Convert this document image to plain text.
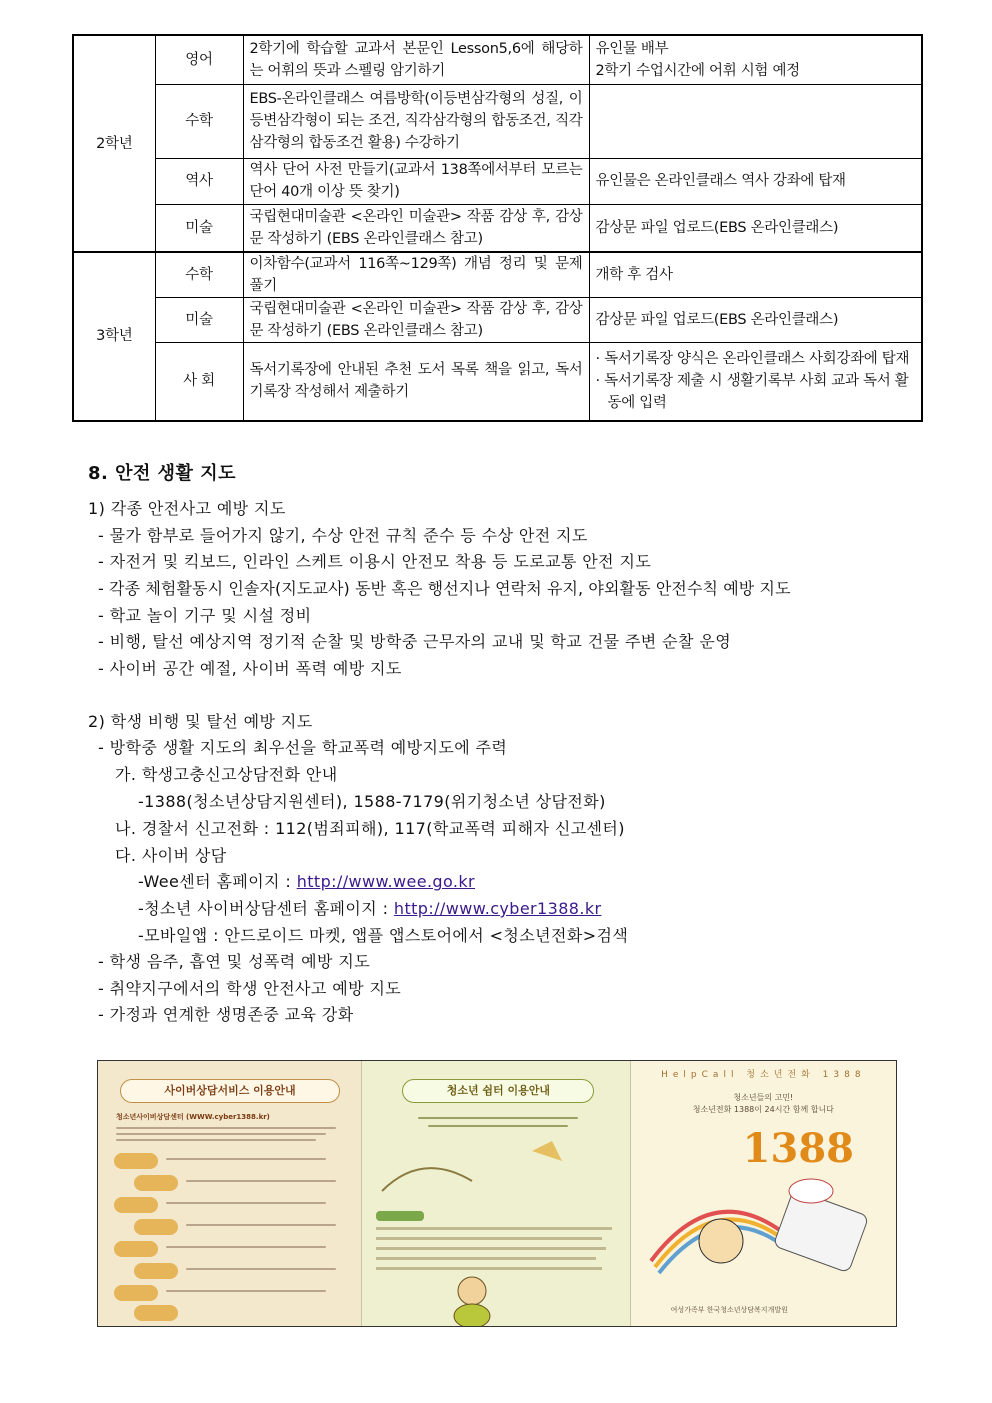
2학년	영어	2학기에 학습할 교과서 본문인 Lesson5,6에 해당하는 어휘의 뜻과 스펠링 암기하기	유인물 배부
2학기 수업시간에 어휘 시험 예정

	수학	EBS-온라인클래스 여름방학(이등변삼각형의 성질, 이등변삼각형이 되는 조건, 직각삼각형의 합동조건, 직각삼각형의 합동조건 활용) 수강하기	
	역사	역사 단어 사전 만들기(교과서 138쪽에서부터 모르는 단어 40개 이상 뜻 찾기)	유인물은 온라인클래스 역사 강좌에 탑재
	미술	국립현대미술관 <온라인 미술관> 작품 감상 후, 감상문 작성하기 (EBS 온라인클래스 참고)	감상문 파일 업로드(EBS 온라인클래스)
3학년	수학	이차함수(교과서 116쪽~129쪽) 개념 정리 및 문제 풀기	개학 후 검사
	미술	국립현대미술관 <온라인 미술관> 작품 감상 후, 감상문 작성하기 (EBS 온라인클래스 참고)	감상문 파일 업로드(EBS 온라인클래스)
	사 회	독서기록장에 안내된 추천 도서 목록 책을 읽고, 독서기록장 작성해서 제출하기	· 독서기록장 양식은 온라인클래스 사회강좌에 탑재
· 독서기록장 제출 시 생활기록부 사회 교과 독서 활동에 입력
8. 안전 생활 지도
1) 각종 안전사고 예방 지도
- 물가 함부로 들어가지 않기, 수상 안전 규칙 준수 등 수상 안전 지도
- 자전거 및 킥보드, 인라인 스케트 이용시 안전모 착용 등 도로교통 안전 지도
- 각종 체험활동시 인솔자(지도교사) 동반 혹은 행선지나 연락처 유지, 야외활동 안전수칙 예방 지도
- 학교 놀이 기구 및 시설 정비
- 비행, 탈선 예상지역 정기적 순찰 및 방학중 근무자의 교내 및 학교 건물 주변 순찰 운영
- 사이버 공간 예절, 사이버 폭력 예방 지도
2) 학생 비행 및 탈선 예방 지도
- 방학중 생활 지도의 최우선을 학교폭력 예방지도에 주력
가. 학생고충신고상담전화 안내
-1388(청소년상담지원센터), 1588-7179(위기청소년 상담전화)
나. 경찰서 신고전화 : 112(범죄피해), 117(학교폭력 피해자 신고센터)
다. 사이버 상담
-Wee센터 홈페이지 : http://www.wee.go.kr
-청소년 사이버상담센터 홈페이지 : http://www.cyber1388.kr
-모바일앱 : 안드로이드 마켓, 앱플 앱스토어에서 <청소년전화>검색
- 학생 음주, 흡연 및 성폭력 예방 지도
- 취약지구에서의 학생 안전사고 예방 지도
- 가정과 연계한 생명존중 교육 강화
사이버상담서비스 이용안내
청소년사이버상담센터 (WWW.cyber1388.kr)
청소년 쉼터 이용안내
HelpCall 청소년전화 1388
청소년들의 고민!
청소년전화 1388이 24시간 함께 합니다
1388
여성가족부 한국청소년상담복지개발원
